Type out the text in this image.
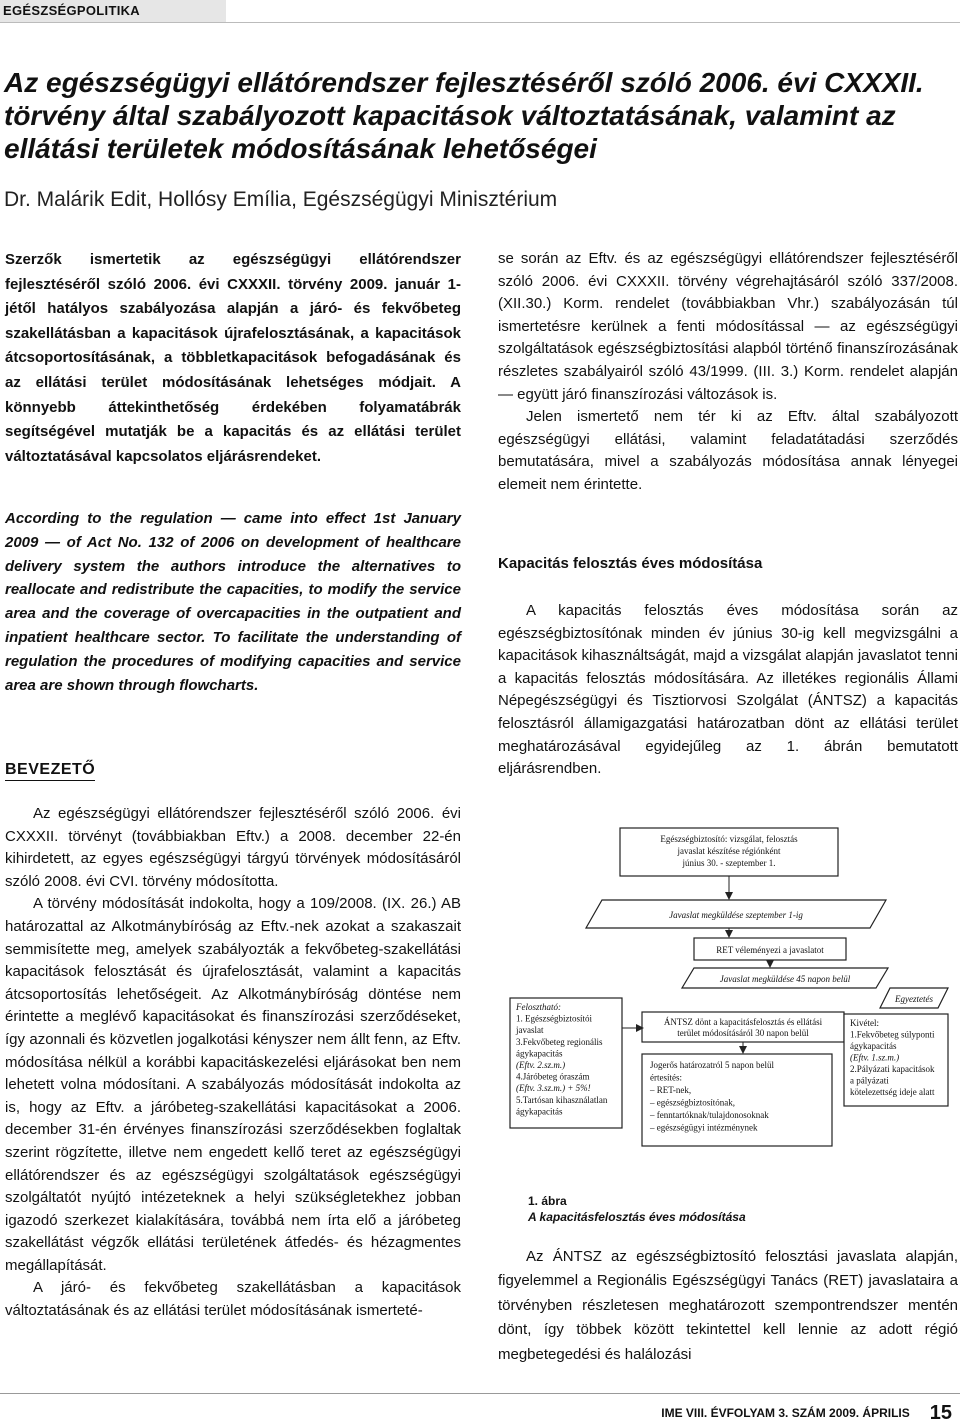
EGÉSZSÉGPOLITIKA
Az egészségügyi ellátórendszer fejlesztéséről szóló 2006. évi CXXXII. törvény által szabályozott kapacitások változtatásának, valamint az ellátási területek módosításának lehetőségei
Dr. Malárik Edit, Hollósy Emília, Egészségügyi Minisztérium
Szerzők ismertetik az egészségügyi ellátórendszer fejlesztéséről szóló 2006. évi CXXXII. törvény 2009. január 1-jétől hatályos szabályozása alapján a járó- és fekvőbeteg szakellátásban a kapacitások újrafelosztásának, a kapacitások átcsoportosításának, a többletkapacitások befogadásának és az ellátási terület módosításának lehetséges módjait. A könnyebb áttekinthetőség érdekében folyamatábrák segítségével mutatják be a kapacitás és az ellátási terület változtatásával kapcsolatos eljárásrendeket.
According to the regulation — came into effect 1st January 2009 — of Act No. 132 of 2006 on development of healthcare delivery system the authors introduce the alternatives to reallocate and redistribute the capacities, to modify the service area and the coverage of overcapacities in the outpatient and inpatient healthcare sector. To facilitate the understanding of regulation the procedures of modifying capacities and service area are shown through flowcharts.
BEVEZETŐ

Az egészségügyi ellátórendszer fejlesztéséről szóló 2006. évi CXXXII. törvényt (továbbiakban Eftv.) a 2008. december 22-én kihirdetett, az egyes egészségügyi tárgyú törvények módosításáról szóló 2008. évi CVI. törvény módosította.

A törvény módosítását indokolta, hogy a 109/2008. (IX. 26.) AB határozattal az Alkotmánybíróság az Eftv.-nek azokat a szakaszait semmisítette meg, amelyek szabályozták a fekvőbeteg-szakellátási kapacitások felosztását és újrafelosztását, valamint a kapacitás átcsoportosítás lehetőségeit. Az Alkotmánybíróság döntése nem érintette a meglévő kapacitásokat és finanszírozási szerződéseket, így azonnali és közvetlen jogalkotási kényszer nem állt fenn, az Eftv. módosítása nélkül a korábbi kapacitáskezelési eljárásokat ben nem lehetett volna módosítani. A szabályozás módosítását indokolta az is, hogy az Eftv. a járóbeteg-szakellátási kapacitásokat a 2006. december 31-én érvényes finanszírozási szerződésekben foglaltak szerint rögzítette, illetve nem engedett kellő teret az egészségügyi ellátórendszer és az egészségügyi szolgáltatások egészségügyi szolgáltatót nyújtó intézeteknek a helyi szükségletekhez jobban igazodó szerkezet kialakítására, továbbá nem írta elő a járóbeteg szakellátást végzők ellátási területének átfedés- és hézagmentes megállapítását.

A járó- és fekvőbeteg szakellátásban a kapacitások változtatásának és az ellátási terület módosításának ismerteté-

se során az Eftv. és az egészségügyi ellátórendszer fejlesztéséről szóló 2006. évi CXXXII. törvény végrehajtásáról szóló 337/2008. (XII.30.) Korm. rendelet (továbbiakban Vhr.) szabályozásán túl ismertetésre kerülnek a fenti módosítással — az egészségügyi szolgáltatások egészségbiztosítási alapból történő finanszírozásának részletes szabályairól szóló 43/1999. (III. 3.) Korm. rendelet alapján — együtt járó finanszírozási változások is.

Jelen ismertető nem tér ki az Eftv. által szabályozott egészségügyi ellátási, valamint feladatátadási szerződés bemutatására, mivel a szabályozás módosítása annak lényegei elemeit nem érintette.

Kapacitás felosztás éves módosítása

A kapacitás felosztás éves módosítása során az egészségbiztosítónak minden év június 30-ig kell megvizsgálni a kapacitások kihasználtságát, majd a vizsgálat alapján javaslatot tenni a kapacitás felosztás módosítására. Az illetékes regionális Állami Népegészségügyi és Tisztiorvosi Szolgálat (ÁNTSZ) a kapacitás felosztásról államigazgatási határozatban dönt az ellátási terület meghatározásával egyidejűleg az 1. ábrán bemutatott eljárásrendben.

Egészségbiztosító: vizsgálat, felosztás
javaslat készítése régiónként
június 30. - szeptember 1.
Javaslat megküldése szeptember 1-ig
RET véleményezi a javaslatot
Javaslat megküldése 45 napon belül
Egyeztetés
ÁNTSZ dönt a kapacitásfelosztás és ellátási
terület módosításáról 30 napon belül
Felosztható:
1. Egészségbiztosítói
javaslat
3.Fekvőbeteg regionális
ágykapacitás
(Eftv. 2.sz.m.)
4.Járóbeteg óraszám
(Eftv. 3.sz.m.) + 5%!
5.Tartósan kihasználatlan
ágykapacitás
Jogerős határozatról 5 napon belül
értesítés:
– RET-nek,
– egészségbiztosítónak,
– fenntartóknak/tulajdonosoknak
– egészségügyi intézménynek
Kivétel:
1.Fekvőbeteg súlyponti
ágykapacitás
(Eftv. 1.sz.m.)
2.Pályázati kapacitások
a pályázati
kötelezettség ideje alatt
1. ábra
A kapacitásfelosztás éves módosítása

Az ÁNTSZ az egészségbiztosító felosztási javaslata alapján, figyelemmel a Regionális Egészségügyi Tanács (RET) javaslataira a törvényben részletesen meghatározott szempontrendszer mentén dönt, így többek között tekintettel kell lennie az adott régió megbetegedési és halálozási

IME VIII. ÉVFOLYAM 3. SZÁM 2009. ÁPRILIS 15
